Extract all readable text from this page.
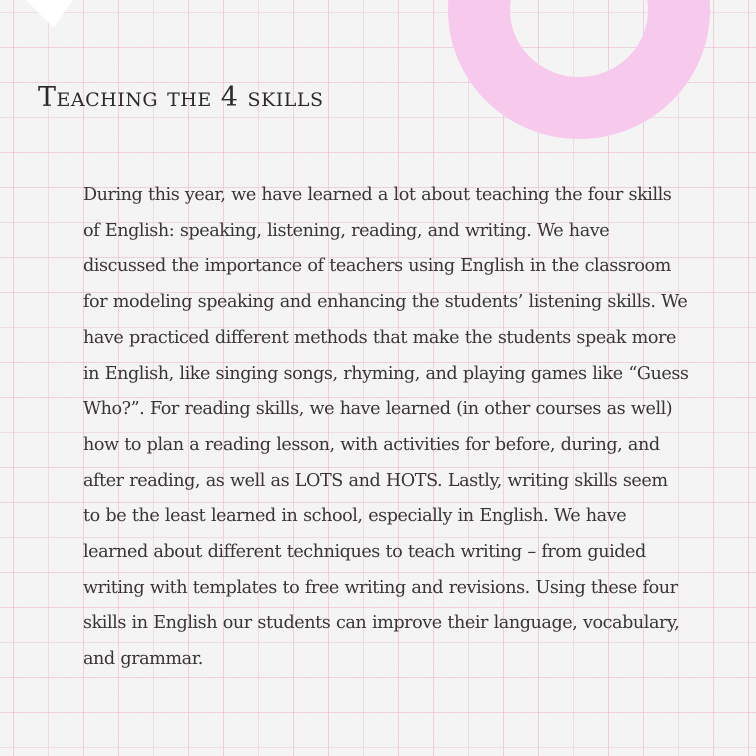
Teaching the 4 skills

During this year, we have learned a lot about teaching the four skills of English: speaking, listening, reading, and writing. We have discussed the importance of teachers using English in the classroom for modeling speaking and enhancing the students’ listening skills. We have practiced different methods that make the students speak more in English, like singing songs, rhyming, and playing games like “Guess Who?”. For reading skills, we have learned (in other courses as well) how to plan a reading lesson, with activities for before, during, and after reading, as well as LOTS and HOTS. Lastly, writing skills seem to be the least learned in school, especially in English. We have learned about different techniques to teach writing – from guided writing with templates to free writing and revisions. Using these four skills in English our students can improve their language, vocabulary, and grammar.
